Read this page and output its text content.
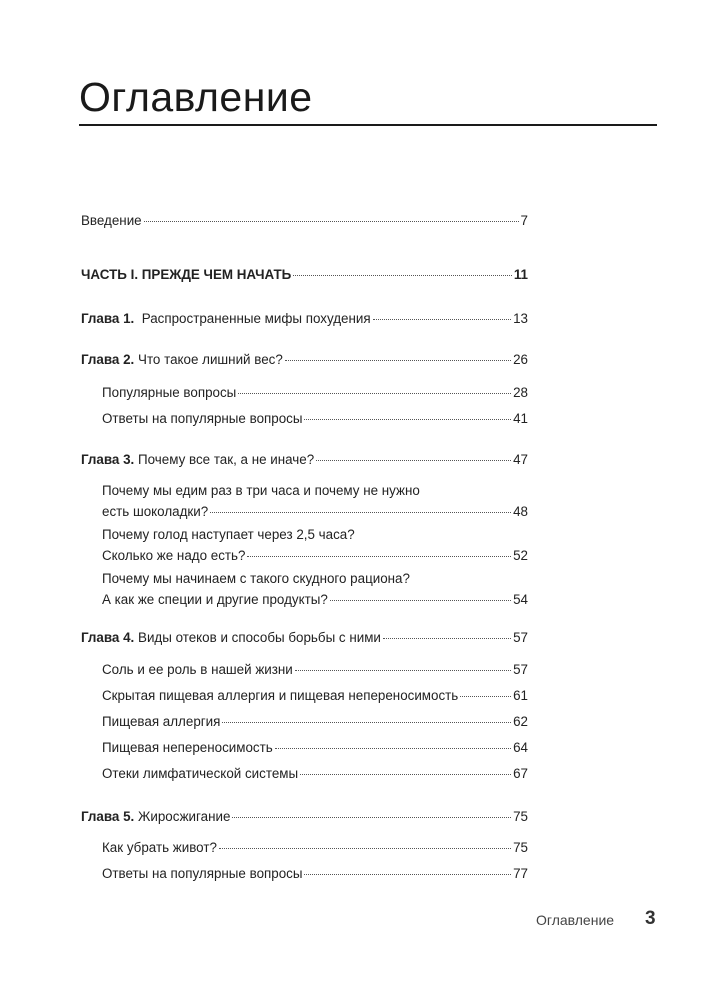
Оглавление
Введение	7
ЧАСТЬ I. ПРЕЖДЕ ЧЕМ НАЧАТЬ	11
Глава 1. Распространенные мифы похудения	13
Глава 2. Что такое лишний вес?	26
Популярные вопросы	28
Ответы на популярные вопросы	41
Глава 3. Почему все так, а не иначе?	47
Почему мы едим раз в три часа и почему не нужно
есть шоколадки?	48
Почему голод наступает через 2,5 часа?
Сколько же надо есть?	52
Почему мы начинаем с такого скудного рациона?
А как же специи и другие продукты?	54
Глава 4. Виды отеков и способы борьбы с ними	57
Соль и ее роль в нашей жизни	57
Скрытая пищевая аллергия и пищевая непереносимость	61
Пищевая аллергия	62
Пищевая непереносимость	64
Отеки лимфатической системы	67
Глава 5. Жиросжигание	75
Как убрать живот?	75
Ответы на популярные вопросы	77
Оглавление 3
